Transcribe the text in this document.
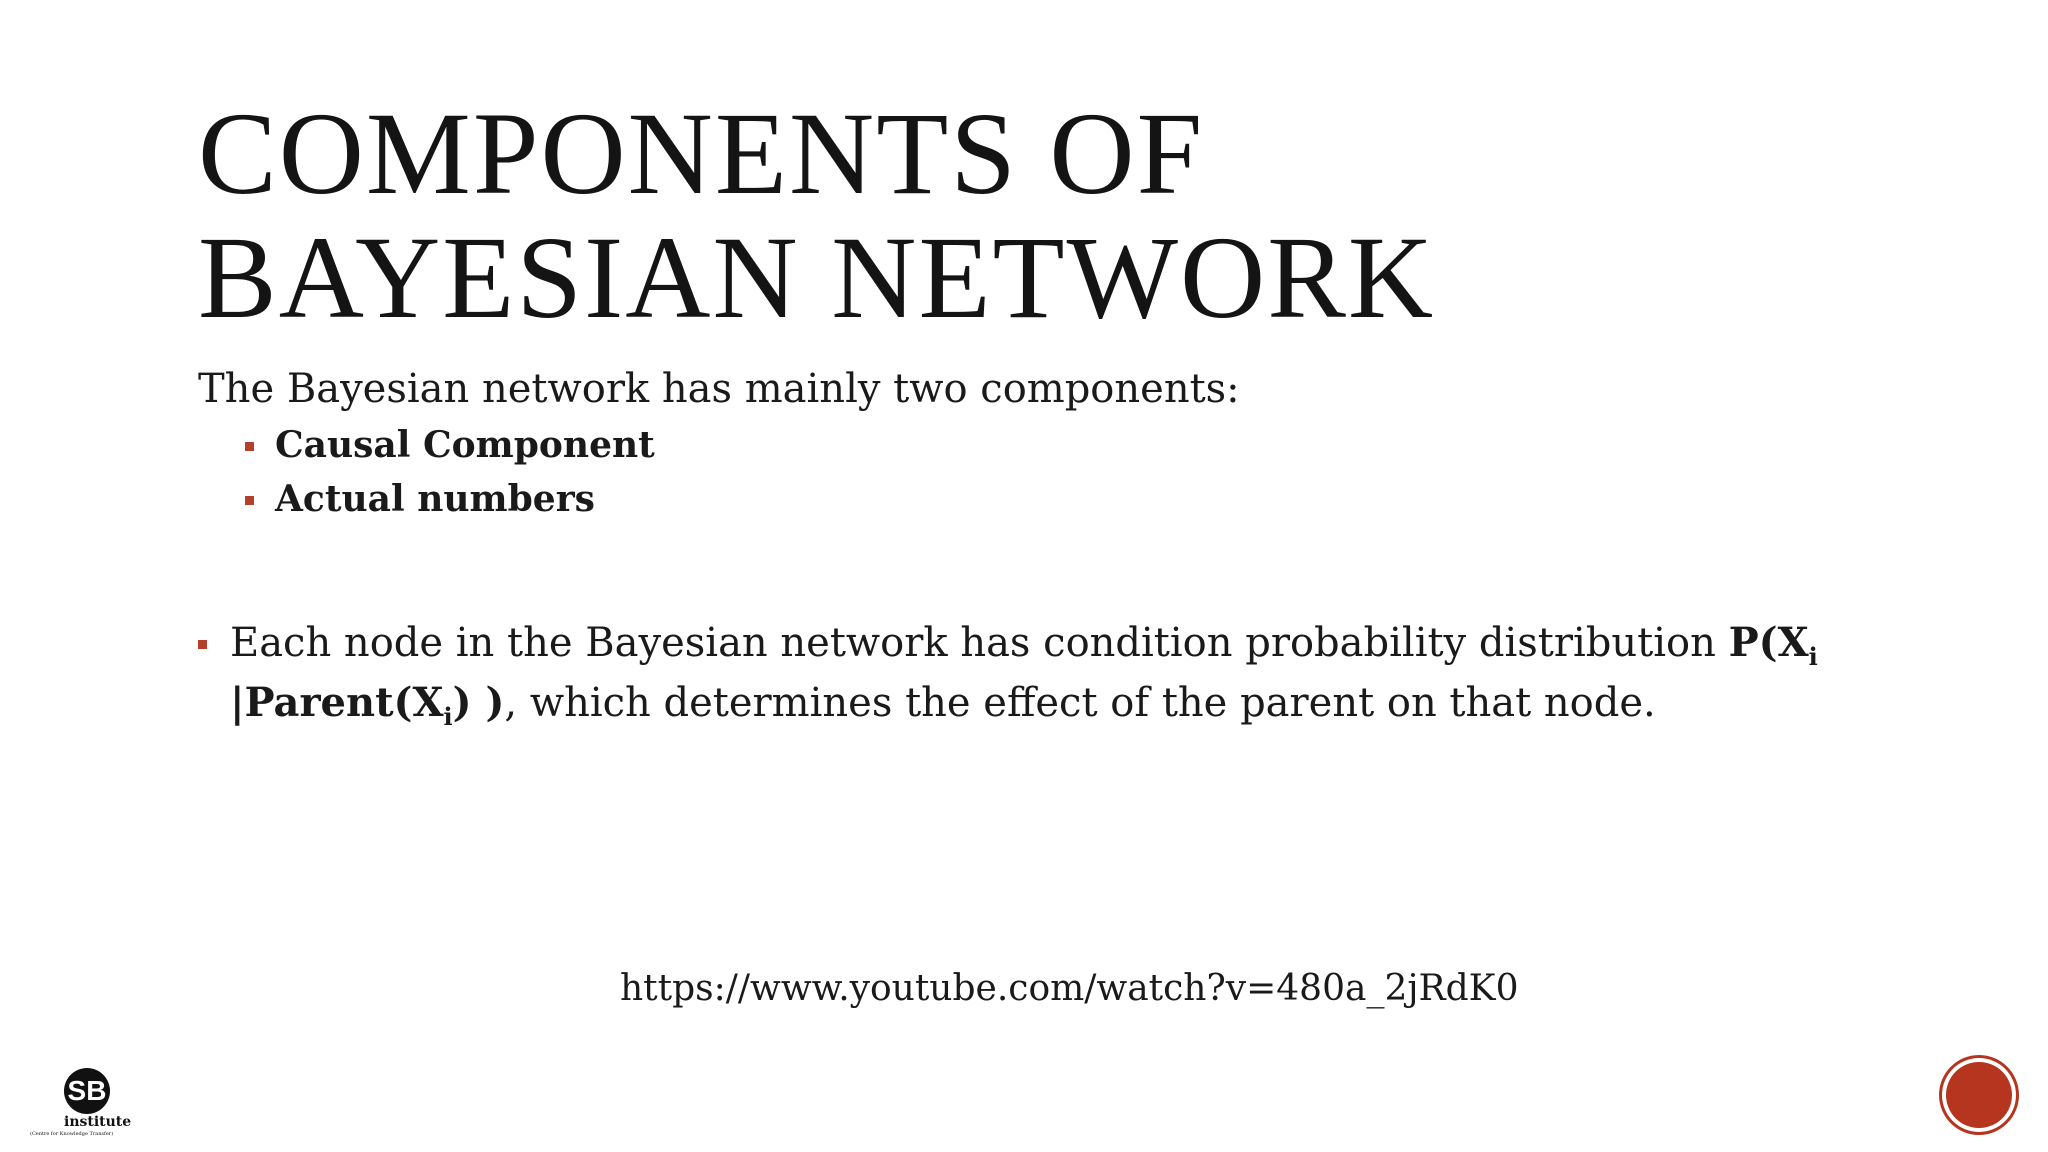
COMPONENTS OF
BAYESIAN NETWORK
The Bayesian network has mainly two components:
Causal Component
Actual numbers
Each node in the Bayesian network has condition probability distribution $P(X_i$
$|Parent(X_i)$ ), which determines the effect of the parent on that node.
https://www.youtube.com/watch?v=480a_2jRdK0
SB
institute
(Centre for Knowledge Transfer)
